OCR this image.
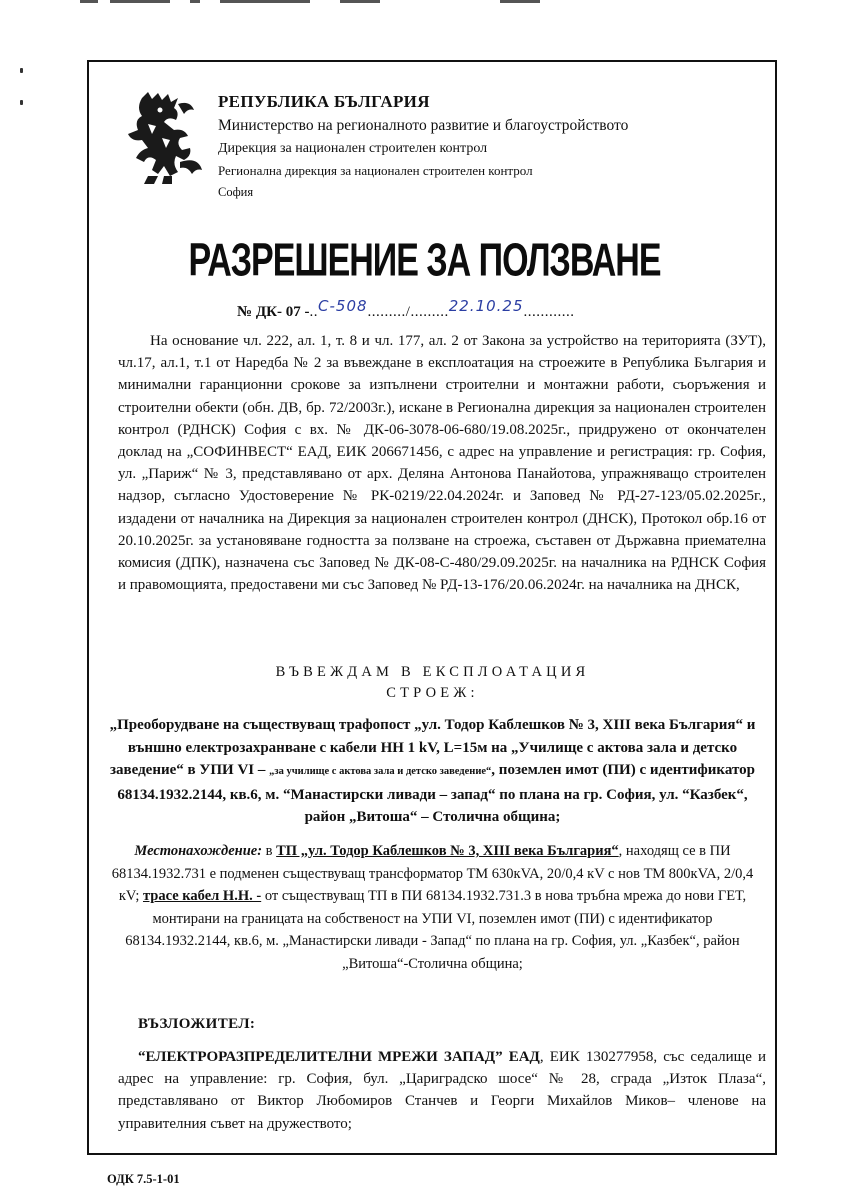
РЕПУБЛИКА БЪЛГАРИЯ
Министерство на регионалното развитие и благоустройството
Дирекция за национален строителен контрол
Регионална дирекция за национален строителен контрол
София
РАЗРЕШЕНИЕ ЗА ПОЛЗВАНЕ
№ ДК- 07 -..С-508........./.........22.10.25............
На основание чл. 222, ал. 1, т. 8 и чл. 177, ал. 2 от Закона за устройство на територията (ЗУТ), чл.17, ал.1, т.1 от Наредба № 2 за въвеждане в експлоатация на строежите в Република България и минимални гаранционни срокове за изпълнени строителни и монтажни работи, съоръжения и строителни обекти (обн. ДВ, бр. 72/2003г.), искане в Регионална дирекция за национален строителен контрол (РДНСК) София с вх. № ДК-06-3078-06-680/19.08.2025г., придружено от окончателен доклад на „СОФИНВЕСТ“ ЕАД, ЕИК 206671456, с адрес на управление и регистрация: гр. София, ул. „Париж“ № 3, представлявано от арх. Деляна Антонова Панайотова, упражняващо строителен надзор, съгласно Удостоверение № РК-0219/22.04.2024г. и Заповед № РД-27-123/05.02.2025г., издадени от началника на Дирекция за национален строителен контрол (ДНСК), Протокол обр.16 от 20.10.2025г. за установяване годността за ползване на строежа, съставен от Държавна приемателна комисия (ДПК), назначена със Заповед № ДК-08-С-480/29.09.2025г. на началника на РДНСК София и правомощията, предоставени ми със Заповед № РД-13-176/20.06.2024г. на началника на ДНСК,
ВЪВЕЖДАМ В ЕКСПЛОАТАЦИЯ
СТРОЕЖ:
„Преоборудване на съществуващ трафопост „ул. Тодор Каблешков № 3, XIII века България“ и външно електрозахранване с кабели НН 1 kV, L=15м на „Училище с актова зала и детско заведение“ в УПИ VI – „за училище с актова зала и детско заведение“, поземлен имот (ПИ) с идентификатор 68134.1932.2144, кв.6, м. “Манастирски ливади – запад“ по плана на гр. София, ул. “Казбек“, район „Витоша“ – Столична община;
Местонахождение: в ТП „ул. Тодор Каблешков № 3, XIII века България“, находящ се в ПИ 68134.1932.731 е подменен съществуващ трансформатор ТМ 630кVA, 20/0,4 кV с нов ТМ 800кVA, 2/0,4 кV; трасе кабел Н.Н. - от съществуващ ТП в ПИ 68134.1932.731.3 в нова тръбна мрежа до нови ГЕТ, монтирани на границата на собственост на УПИ VI, поземлен имот (ПИ) с идентификатор 68134.1932.2144, кв.6, м. „Манастирски ливади - Запад“ по плана на гр. София, ул. „Казбек“, район „Витоша“-Столична община;
ВЪЗЛОЖИТЕЛ:
“ЕЛЕКТРОРАЗПРЕДЕЛИТЕЛНИ МРЕЖИ ЗАПАД” ЕАД, ЕИК 130277958, със седалище и адрес на управление: гр. София, бул. „Цариградско шосе“ № 28, сграда „Изток Плаза“, представлявано от Виктор Любомиров Станчев и Георги Михайлов Миков– членове на управителния съвет на дружеството;
ОДК 7.5-1-01
